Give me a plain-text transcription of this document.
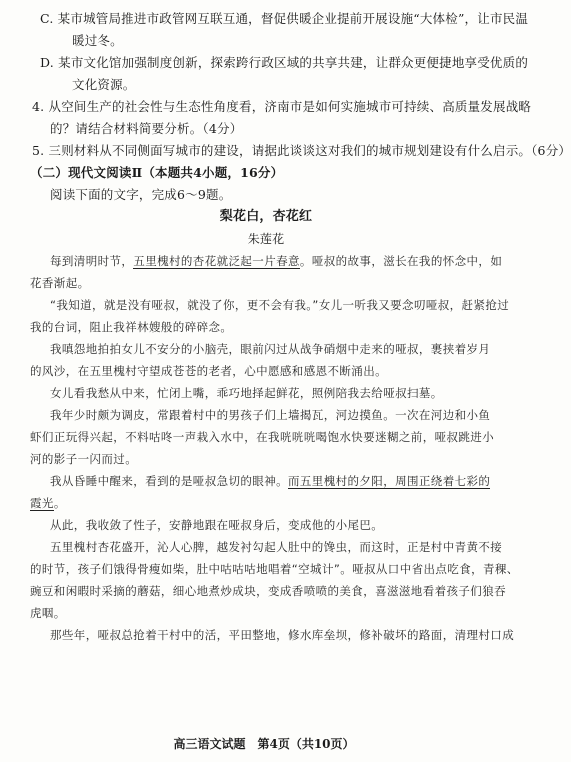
C. 某市城管局推进市政管网互联互通，督促供暖企业提前开展设施“大体检”，让市民温
暖过冬。
D. 某市文化馆加强制度创新，探索跨行政区域的共享共建，让群众更便捷地享受优质的
文化资源。
4. 从空间生产的社会性与生态性角度看，济南市是如何实施城市可持续、高质量发展战略
的？请结合材料简要分析。（4分）
5. 三则材料从不同侧面写城市的建设，请据此谈谈这对我们的城市规划建设有什么启示。（6分）
（二）现代文阅读Ⅱ（本题共4小题，16分）
阅读下面的文字，完成6～9题。
梨花白，杏花红
朱莲花
每到清明时节，五里槐村的杏花就泛起一片春意。哑叔的故事，滋长在我的怀念中，如
花香渐起。
“我知道，就是没有哑叔，就没了你，更不会有我。”女儿一听我又要念叨哑叔，赶紧抢过
我的台词，阻止我祥林嫂般的碎碎念。
我嗔怨地拍拍女儿不安分的小脑壳，眼前闪过从战争硝烟中走来的哑叔，裹挟着岁月
的风沙，在五里槐村守望成苍苍的老者，心中愿感和感恩不断涌出。
女儿看我愁从中来，忙闭上嘴，乖巧地择起鲜花，照例陪我去给哑叔扫墓。
我年少时颇为调皮，常跟着村中的男孩子们上墙揭瓦，河边摸鱼。一次在河边和小鱼
虾们正玩得兴起，不料咕咚一声栽入水中，在我咣咣咣喝饱水快要迷糊之前，哑叔跳进小
河的影子一闪而过。
我从昏睡中醒来，看到的是哑叔急切的眼神。而五里槐村的夕阳，周围正绕着七彩的
霞光。
从此，我收敛了性子，安静地跟在哑叔身后，变成他的小尾巴。
五里槐村杏花盛开，沁人心脾，越发衬勾起人肚中的馋虫，而这时，正是村中青黄不接
的时节，孩子们饿得骨瘦如柴，肚中咕咕咕地唱着“空城计”。哑叔从口中省出点吃食，青稞、
豌豆和闲暇时采摘的蘑菇，细心地煮炒成块，变成香喷喷的美食，喜滋滋地看着孩子们狼吞
虎咽。
那些年，哑叔总抢着干村中的活，平田整地，修水库垒坝，修补破坏的路面，清理村口成
高三语文试题　第4页（共10页）
